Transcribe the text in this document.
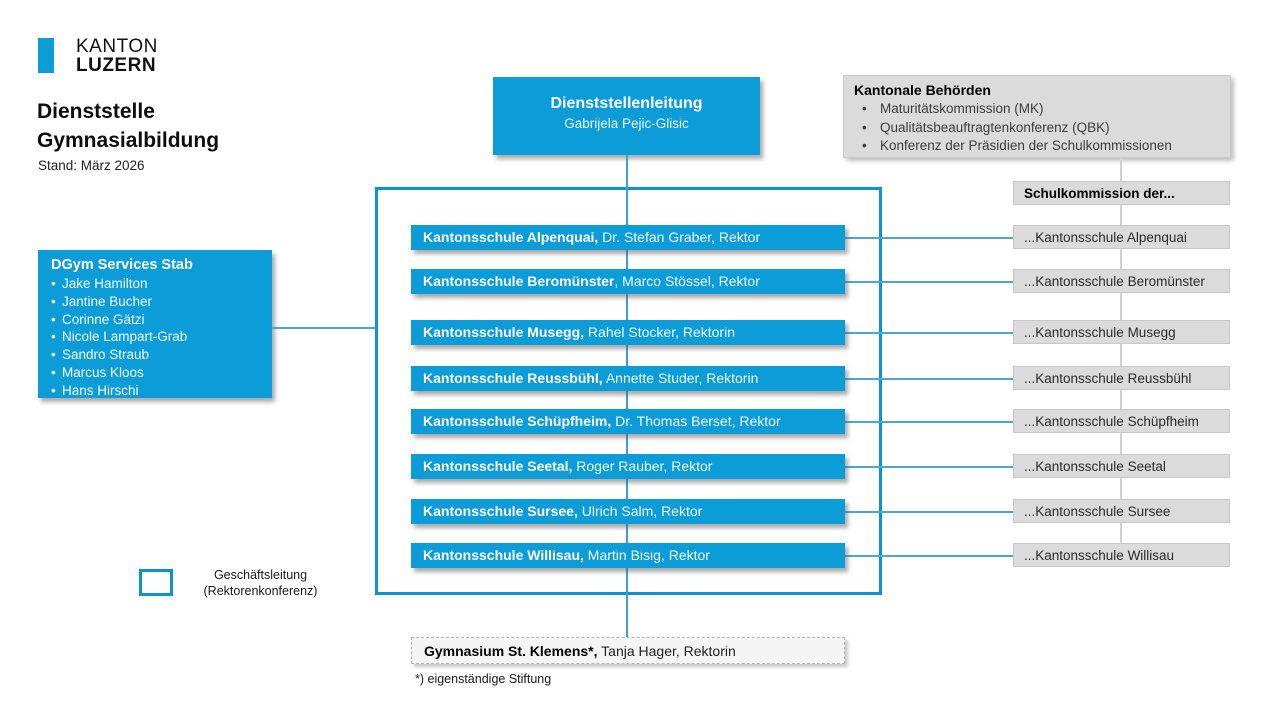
KANTON
LUZERN
Dienststelle
Gymnasialbildung
Stand: März 2026
Dienststellenleitung
Gabrijela Pejic-Glisic
Kantonale Behörden
• Maturitätskommission (MK)
• Qualitätsbeauftragtenkonferenz (QBK)
• Konferenz der Präsidien der Schulkommissionen
DGym Services Stab
• Jake Hamilton
• Jantine Bucher
• Corinne Gätzi
• Nicole Lampart-Grab
• Sandro Straub
• Marcus Kloos
• Hans Hirschi
Kantonsschule Alpenquai, Dr. Stefan Graber, Rektor
Kantonsschule Beromünster, Marco Stössel, Rektor
Kantonsschule Musegg, Rahel Stocker, Rektorin
Kantonsschule Reussbühl, Annette Studer, Rektorin
Kantonsschule Schüpfheim, Dr. Thomas Berset, Rektor
Kantonsschule Seetal, Roger Rauber, Rektor
Kantonsschule Sursee, Ulrich Salm, Rektor
Kantonsschule Willisau, Martin Bisig, Rektor
Schulkommission der...
...Kantonsschule Alpenquai
...Kantonsschule Beromünster
...Kantonsschule Musegg
...Kantonsschule Reussbühl
...Kantonsschule Schüpfheim
...Kantonsschule Seetal
...Kantonsschule Sursee
...Kantonsschule Willisau
Geschäftsleitung
(Rektorenkonferenz)
Gymnasium St. Klemens*, Tanja Hager, Rektorin
*) eigenständige Stiftung
